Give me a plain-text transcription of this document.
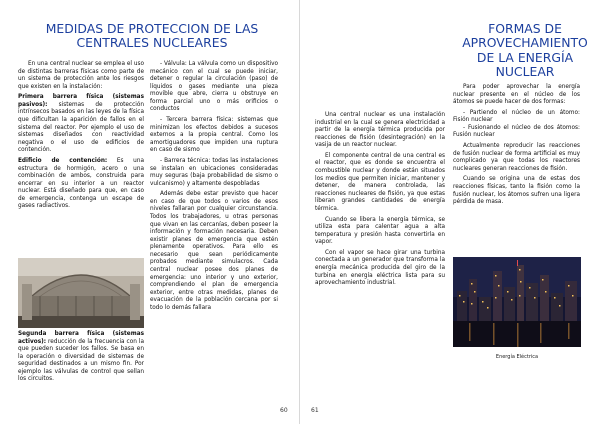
MEDIDAS DE PROTECCION DE LAS CENTRALES NUCLEARES

En una central nuclear se emplea el uso de distintas barreras físicas como parte de un sistema de protección ante los riesgos que existen en la instalación:

Primera barrera física (sistemas pasivos): sistemas de protección intrínsecos basados en las leyes de la física que dificultan la aparición de fallos en el sistema del reactor. Por ejemplo el uso de sistemas diseñados con reactividad negativa o el uso de edificios de contención.

Edificio de contención: Es una estructura de hormigón, acero o una combinación de ambos, construida para encerrar en su interior a un reactor nuclear. Está diseñado para que, en caso de emergencia, contenga un escape de gases radiactivos.

Segunda barrera física (sistemas activos): reducción de la frecuencia con la que pueden suceder los fallos. Se basa en la operación o diversidad de sistemas de seguridad destinados a un mismo fin. Por ejemplo las válvulas de control que sellan los circuitos.

- Válvula: La válvula como un dispositivo mecánico con el cual se puede iniciar, detener o regular la circulación (paso) de líquidos o gases mediante una pieza movible que abre, cierra u obstruye en forma parcial uno o más orificios o conductos

- Tercera barrera física: sistemas que minimizan los efectos debidos a sucesos externos a la propia central. Como los amortiguadores que impiden una ruptura en caso de sismo

- Barrera técnica: todas las instalaciones se instalan en ubicaciones consideradas muy seguras (baja probabilidad de sismo o vulcanismo) y altamente despobladas

Además debe estar previsto que hacer en caso de que todos o varios de esos niveles fallaran por cualquier circunstancia. Todos los trabajadores, u otras personas que vivan en las cercanías, deben poseer la información y formación necesaria. Deben existir planes de emergencia que estén plenamente operativos. Para ello es necesario que sean periódicamente probados mediante simulacros. Cada central nuclear posee dos planes de emergencia: uno interior y uno exterior, comprendiendo el plan de emergencia exterior, entre otras medidas, planes de evacuación de la población cercana por si todo lo demás fallara

60	61
FORMAS DE APROVECHAMIENTO DE LA ENERGÍA NUCLEAR

Una central nuclear es una instalación industrial en la cual se genera electricidad a partir de la energía térmica producida por reacciones de fisión (desintegración) en la vasija de un reactor nuclear.

El componente central de una central es el reactor, que es donde se encuentra el combustible nuclear y donde están situados los medios que permiten iniciar, mantener y detener, de manera controlada, las reacciones nucleares de fisión, ya que estas liberan grandes cantidades de energía térmica.

Cuando se libera la energía térmica, se utiliza esta para calentar agua a alta temperatura y presión hasta convertirla en vapor.

Con el vapor se hace girar una turbina conectada a un generador que transforma la energía mecánica producida del giro de la turbina en energía eléctrica lista para su aprovechamiento industrial.

Para poder aprovechar la energía nuclear presente en el núcleo de los átomos se puede hacer de dos formas:

- Partiendo el núcleo de un átomo: Fisión nuclear

- Fusionando el núcleo de dos átomos: Fusión nuclear

Actualmente reproducir las reacciones de fusión nuclear de forma artificial es muy complicado ya que todas los reactores nucleares generan reacciones de fisión.

Cuando se origina una de estas dos reacciones físicas, tanto la fisión como la fusión nuclear, los átomos sufren una ligera pérdida de masa.

Energía Eléctrica
